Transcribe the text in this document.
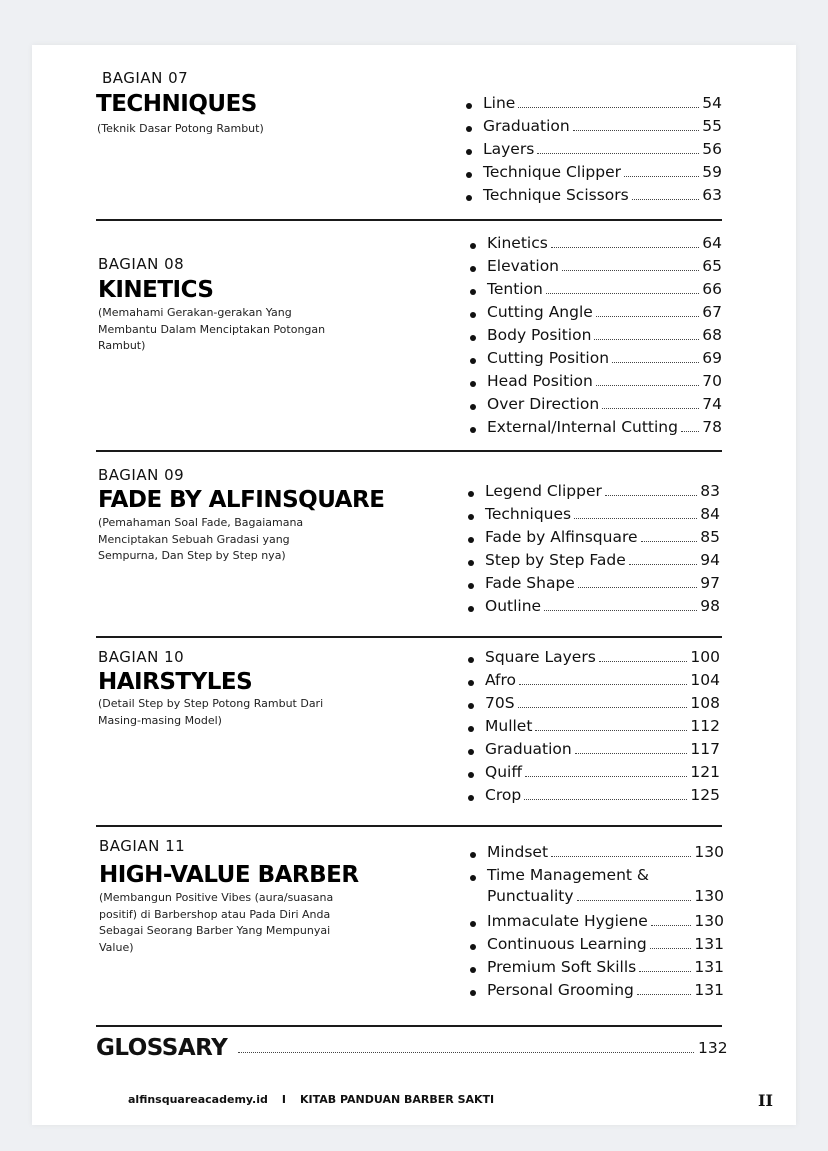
BAGIAN 07
TECHNIQUES
(Teknik Dasar Potong Rambut)
Line	54
Graduation	55
Layers	56
Technique Clipper	59
Technique Scissors	63
BAGIAN 08
KINETICS
(Memahami Gerakan-gerakan Yang Membantu Dalam Menciptakan Potongan Rambut)
Kinetics	64
Elevation	65
Tention	66
Cutting Angle	67
Body Position	68
Cutting Position	69
Head Position	70
Over Direction	74
External/Internal Cutting 78
BAGIAN 09
FADE BY ALFINSQUARE
(Pemahaman Soal Fade, Bagaiamana Menciptakan Sebuah Gradasi yang Sempurna, Dan Step by Step nya)
Legend Clipper	83
Techniques	84
Fade by Alfinsquare	85
Step by Step Fade	94
Fade Shape	97
Outline	98
BAGIAN 10
HAIRSTYLES
(Detail Step by Step Potong Rambut Dari Masing-masing Model)
Square Layers	100
Afro	104
70S	108
Mullet	112
Graduation	117
Quiff	121
Crop	125
BAGIAN 11
HIGH-VALUE BARBER
(Membangun Positive Vibes (aura/suasana positif) di Barbershop atau Pada Diri Anda Sebagai Seorang Barber Yang Mempunyai Value)
Mindset	130
Time Management &
Punctuality	130
Immaculate Hygiene	130
Continuous Learning	131
Premium Soft Skills	131
Personal Grooming	131
GLOSSARY	132
alfinsquareacademy.id I KITAB PANDUAN BARBER SAKTI	II
